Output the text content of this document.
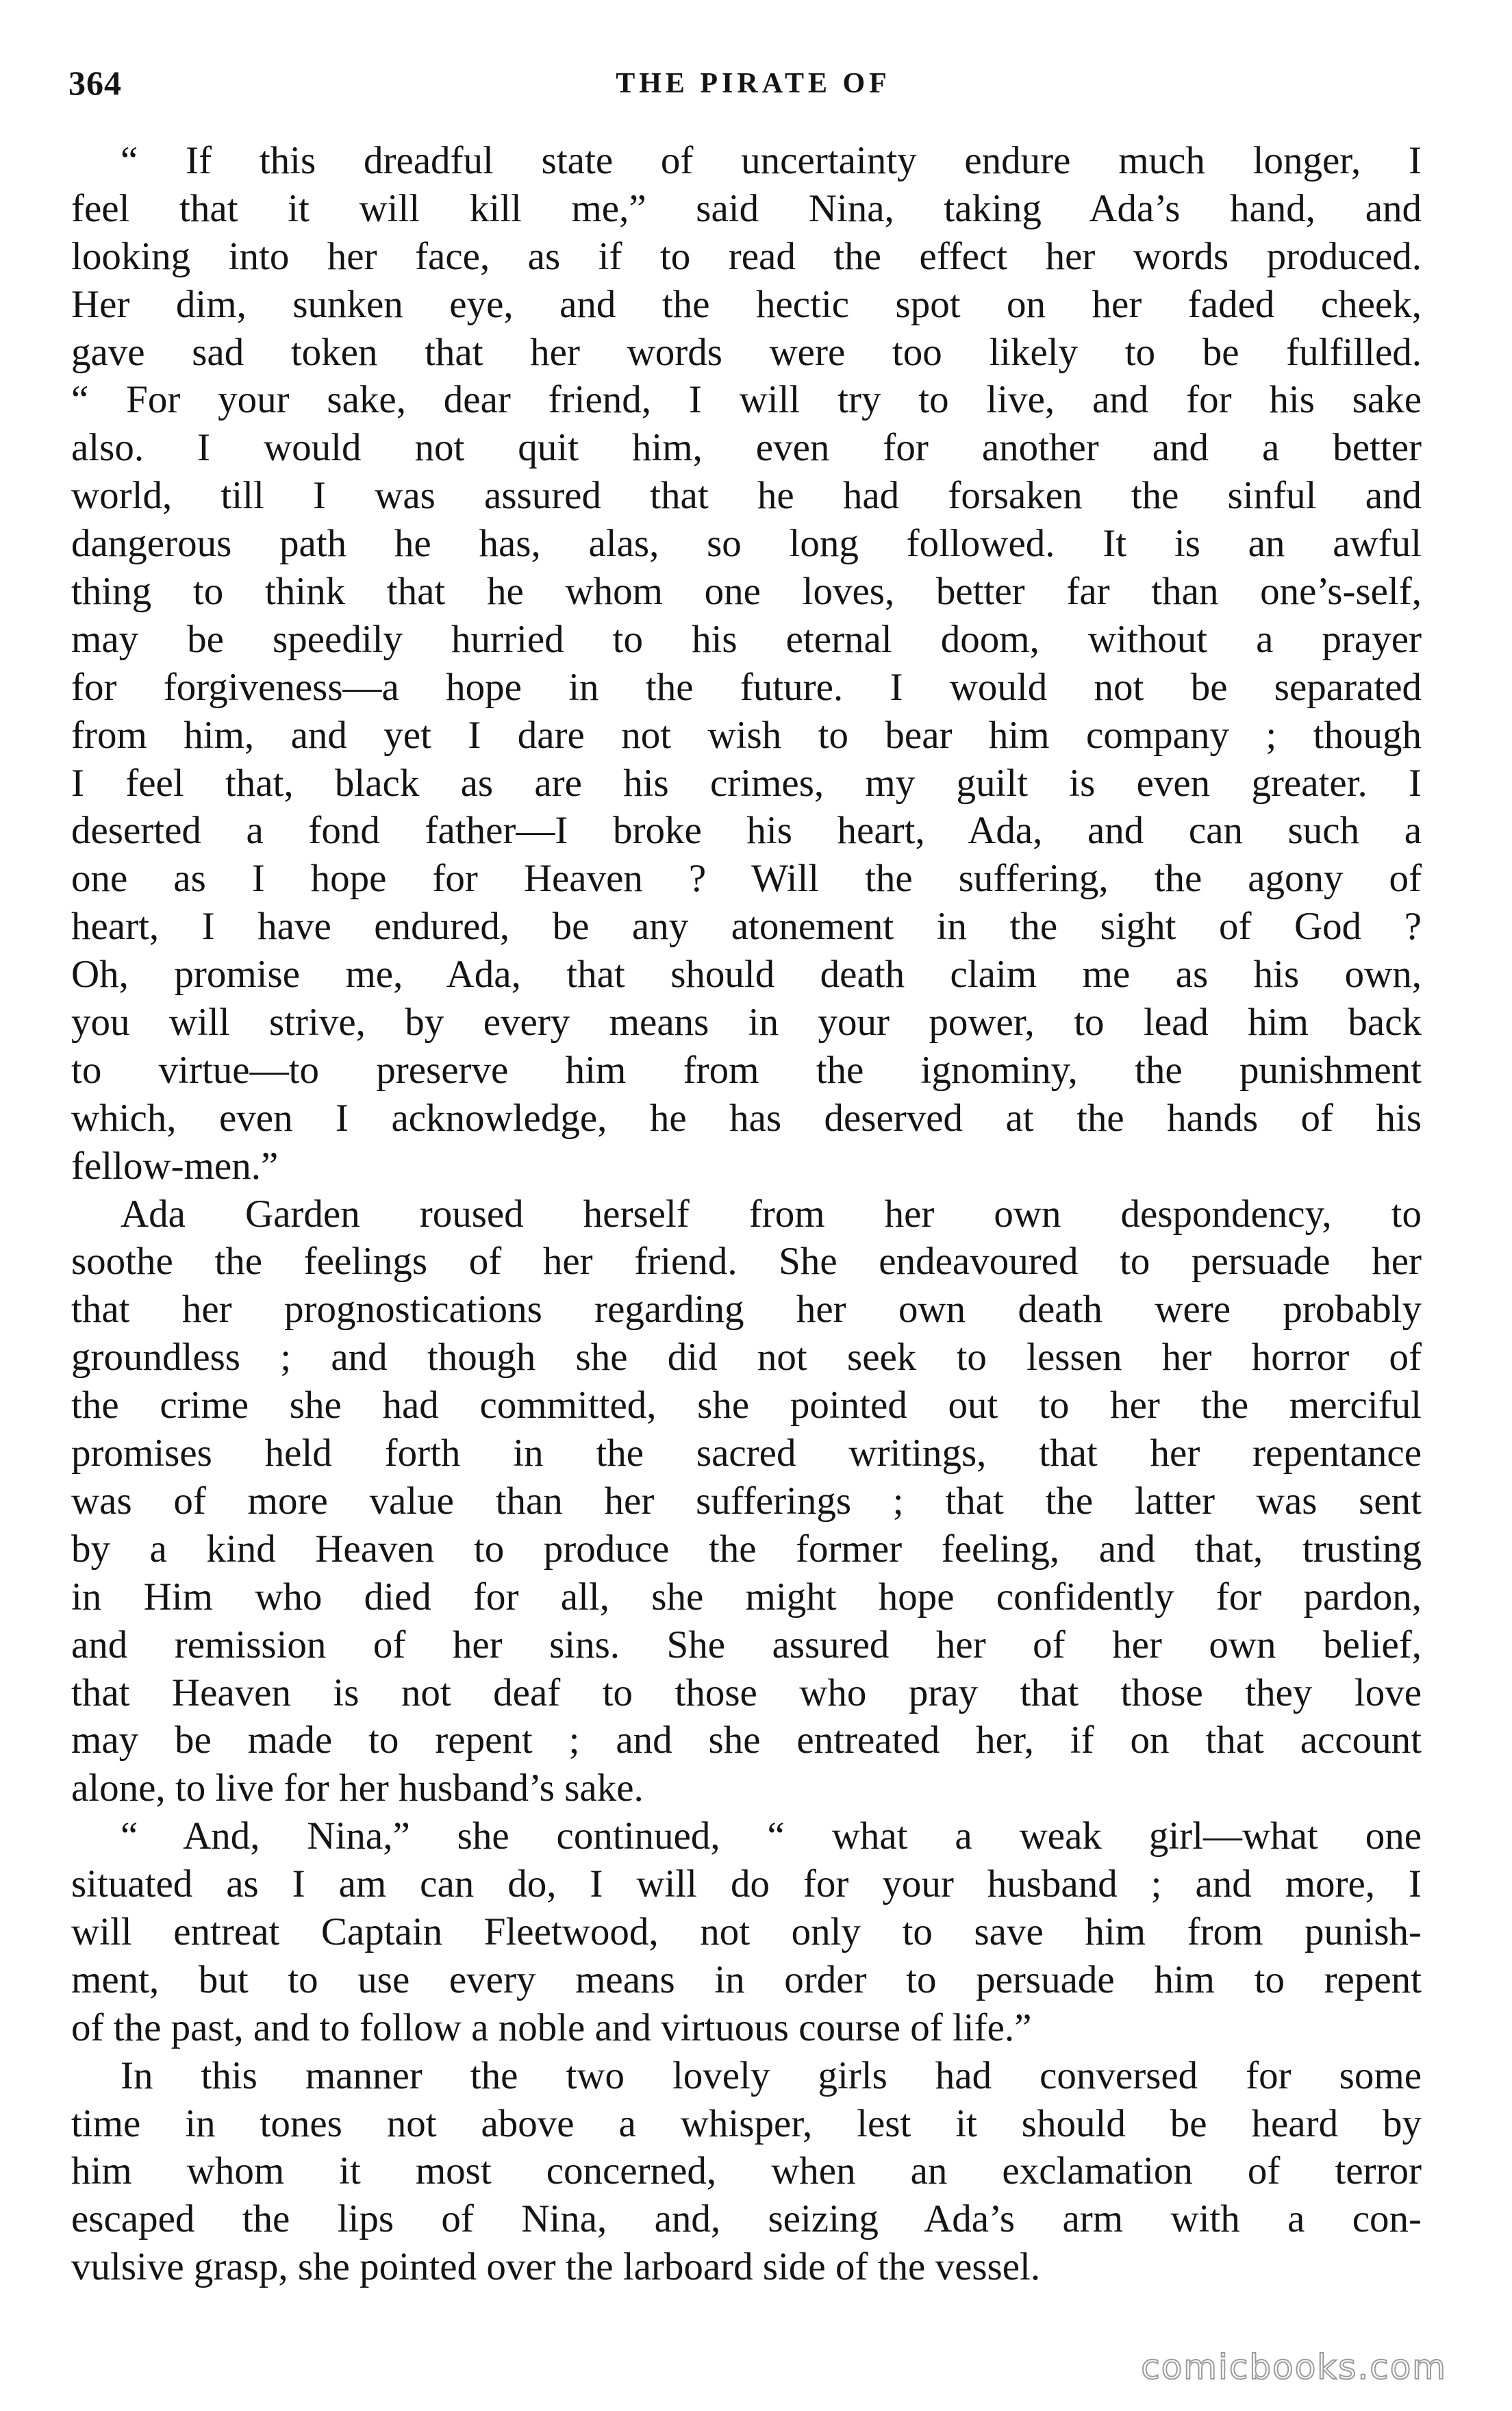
364	THE PIRATE OF
“ If this dreadful state of uncertainty endure much longer, I
feel that it will kill me,” said Nina, taking Ada’s hand, and
looking into her face, as if to read the effect her words produced.
Her dim, sunken eye, and the hectic spot on her faded cheek,
gave sad token that her words were too likely to be fulfilled.
“ For your sake, dear friend, I will try to live, and for his sake
also. I would not quit him, even for another and a better
world, till I was assured that he had forsaken the sinful and
dangerous path he has, alas, so long followed. It is an awful
thing to think that he whom one loves, better far than one’s-self,
may be speedily hurried to his eternal doom, without a prayer
for forgiveness—a hope in the future. I would not be separated
from him, and yet I dare not wish to bear him company ; though
I feel that, black as are his crimes, my guilt is even greater. I
deserted a fond father—I broke his heart, Ada, and can such a
one as I hope for Heaven ? Will the suffering, the agony of
heart, I have endured, be any atonement in the sight of God ?
Oh, promise me, Ada, that should death claim me as his own,
you will strive, by every means in your power, to lead him back
to virtue—to preserve him from the ignominy, the punishment
which, even I acknowledge, he has deserved at the hands of his
fellow-men.”
Ada Garden roused herself from her own despondency, to
soothe the feelings of her friend. She endeavoured to persuade her
that her prognostications regarding her own death were probably
groundless ; and though she did not seek to lessen her horror of
the crime she had committed, she pointed out to her the merciful
promises held forth in the sacred writings, that her repentance
was of more value than her sufferings ; that the latter was sent
by a kind Heaven to produce the former feeling, and that, trusting
in Him who died for all, she might hope confidently for pardon,
and remission of her sins. She assured her of her own belief,
that Heaven is not deaf to those who pray that those they love
may be made to repent ; and she entreated her, if on that account
alone, to live for her husband’s sake.
“ And, Nina,” she continued, “ what a weak girl—what one
situated as I am can do, I will do for your husband ; and more, I
will entreat Captain Fleetwood, not only to save him from punish-
ment, but to use every means in order to persuade him to repent
of the past, and to follow a noble and virtuous course of life.”
In this manner the two lovely girls had conversed for some
time in tones not above a whisper, lest it should be heard by
him whom it most concerned, when an exclamation of terror
escaped the lips of Nina, and, seizing Ada’s arm with a con-
vulsive grasp, she pointed over the larboard side of the vessel.
comicbooks.com
